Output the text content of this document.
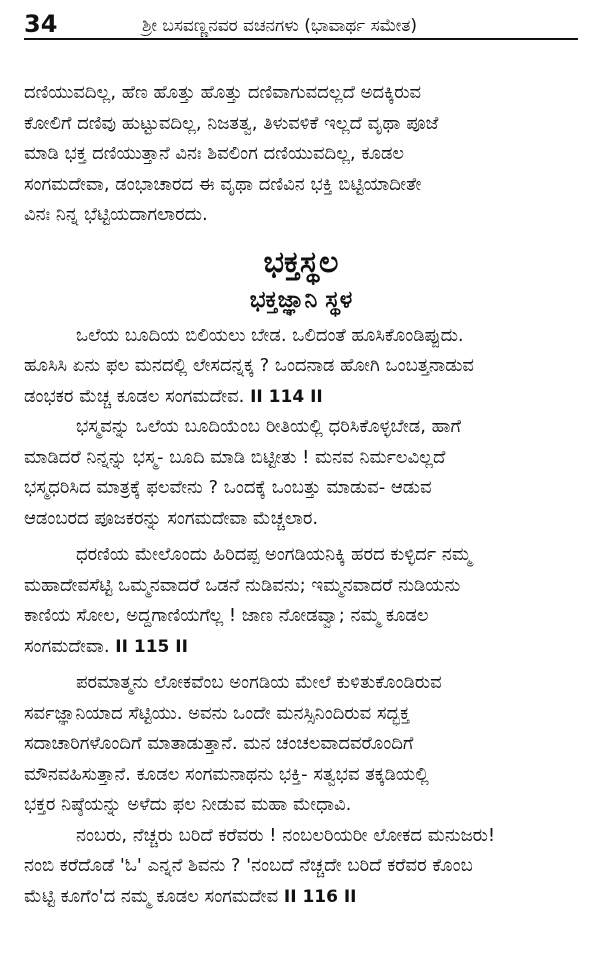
34	ಶ್ರೀ ಬಸವಣ್ಣನವರ ವಚನಗಳು (ಭಾವಾರ್ಥ ಸಮೇತ)

ದಣಿಯುವದಿಲ್ಲ, ಹೆಣ ಹೊತ್ತು ಹೊತ್ತು ದಣಿವಾಗುವದಲ್ಲದೆ ಅದಕ್ಕಿರುವ
ಕೋಲಿಗೆ ದಣಿವು ಹುಟ್ಟುವದಿಲ್ಲ, ನಿಜತತ್ವ, ತಿಳುವಳಿಕೆ ಇಲ್ಲದೆ ವೃಥಾ ಪೂಜೆ
ಮಾಡಿ ಭಕ್ತ ದಣಿಯುತ್ತಾನೆ ವಿನಃ ಶಿವಲಿಂಗ ದಣಿಯುವದಿಲ್ಲ, ಕೂಡಲ
ಸಂಗಮದೇವಾ, ಡಂಭಾಚಾರದ ಈ ವೃಥಾ ದಣಿವಿನ ಭಕ್ತಿ ಬಿಟ್ಟಿಯಾದೀತೇ
ವಿನಃ ನಿನ್ನ ಭೆಟ್ಟಿಯದಾಗಲಾರದು.

ಭಕ್ತಸ್ಥಲ
ಭಕ್ತಜ್ಞಾನಿ ಸ್ಥಳ

ಒಲೆಯ ಬೂದಿಯ ಬಿಲಿಯಲು ಬೇಡ. ಒಲಿದಂತೆ ಹೂಸಿಕೊಂಡಿಪ್ಪುದು.
ಹೂಸಿಸಿ ಏನು ಫಲ ಮನದಲ್ಲಿ ಲೇಸದನ್ನಕ್ಕ ? ಒಂದನಾಡ ಹೋಗಿ ಒಂಬತ್ತನಾಡುವ
ಡಂಭಕರ ಮೆಚ್ಚ ಕೂಡಲ ಸಂಗಮದೇವ. II 114 II

ಭಸ್ಮವನ್ನು ಒಲೆಯ ಬೂದಿಯೆಂಬ ರೀತಿಯಲ್ಲಿ ಧರಿಸಿಕೊಳ್ಳಬೇಡ, ಹಾಗೆ
ಮಾಡಿದರೆ ನಿನ್ನನ್ನು ಭಸ್ಮ- ಬೂದಿ ಮಾಡಿ ಬಿಟ್ಟೀತು ! ಮನವ ನಿರ್ಮಲವಿಲ್ಲದೆ
ಭಸ್ಮಧರಿಸಿದ ಮಾತ್ರಕ್ಕೆ ಫಲವೇನು ? ಒಂದಕ್ಕೆ ಒಂಬತ್ತು ಮಾಡುವ- ಆಡುವ
ಆಡಂಬರದ ಪೂಜಕರನ್ನು ಸಂಗಮದೇವಾ ಮೆಚ್ಚಲಾರ.

ಧರಣಿಯ ಮೇಲೊಂದು ಹಿರಿದಪ್ಪ ಅಂಗಡಿಯನಿಕ್ಕಿ ಹರದ ಕುಳ್ಳಿರ್ದ ನಮ್ಮ
ಮಹಾದೇವಸೆಟ್ಟಿ ಒಮ್ಮನವಾದರೆ ಒಡನೆ ನುಡಿವನು; ಇಮ್ಮನವಾದರೆ ನುಡಿಯನು
ಕಾಣಿಯ ಸೋಲ, ಅದ್ದಗಾಣಿಯಗೆಲ್ಲ ! ಜಾಣ ನೋಡವ್ವಾ; ನಮ್ಮ ಕೂಡಲ
ಸಂಗಮದೇವಾ. II 115 II

ಪರಮಾತ್ಮನು ಲೋಕವೆಂಬ ಅಂಗಡಿಯ ಮೇಲೆ ಕುಳಿತುಕೊಂಡಿರುವ
ಸರ್ವಜ್ಞಾನಿಯಾದ ಸೆಟ್ಟಿಯು. ಅವನು ಒಂದೇ ಮನಸ್ಸಿನಿಂದಿರುವ ಸದ್ಭಕ್ತ
ಸದಾಚಾರಿಗಳೊಂದಿಗೆ ಮಾತಾಡುತ್ತಾನೆ. ಮನ ಚಂಚಲವಾದವರೊಂದಿಗೆ
ಮೌನವಹಿಸುತ್ತಾನೆ. ಕೂಡಲ ಸಂಗಮನಾಥನು ಭಕ್ತಿ- ಸತ್ವಭವ ತಕ್ಕಡಿಯಲ್ಲಿ
ಭಕ್ತರ ನಿಷ್ಠೆಯನ್ನು ಅಳೆದು ಫಲ ನೀಡುವ ಮಹಾ ಮೇಧಾವಿ.

ನಂಬರು, ನೆಚ್ಚರು ಬರಿದೆ ಕರೆವರು ! ನಂಬಲರಿಯರೀ ಲೋಕದ ಮನುಜರು!
ನಂಬಿ ಕರೆದೊಡೆ 'ಓ' ಎನ್ನನೆ ಶಿವನು ? 'ನಂಬದೆ ನೆಚ್ಚದೇ ಬರಿದೆ ಕರೆವರ ಕೊಂಬ
ಮೆಟ್ಟಿ ಕೂಗೆಂ'ದ ನಮ್ಮ ಕೂಡಲ ಸಂಗಮದೇವ II 116 II
